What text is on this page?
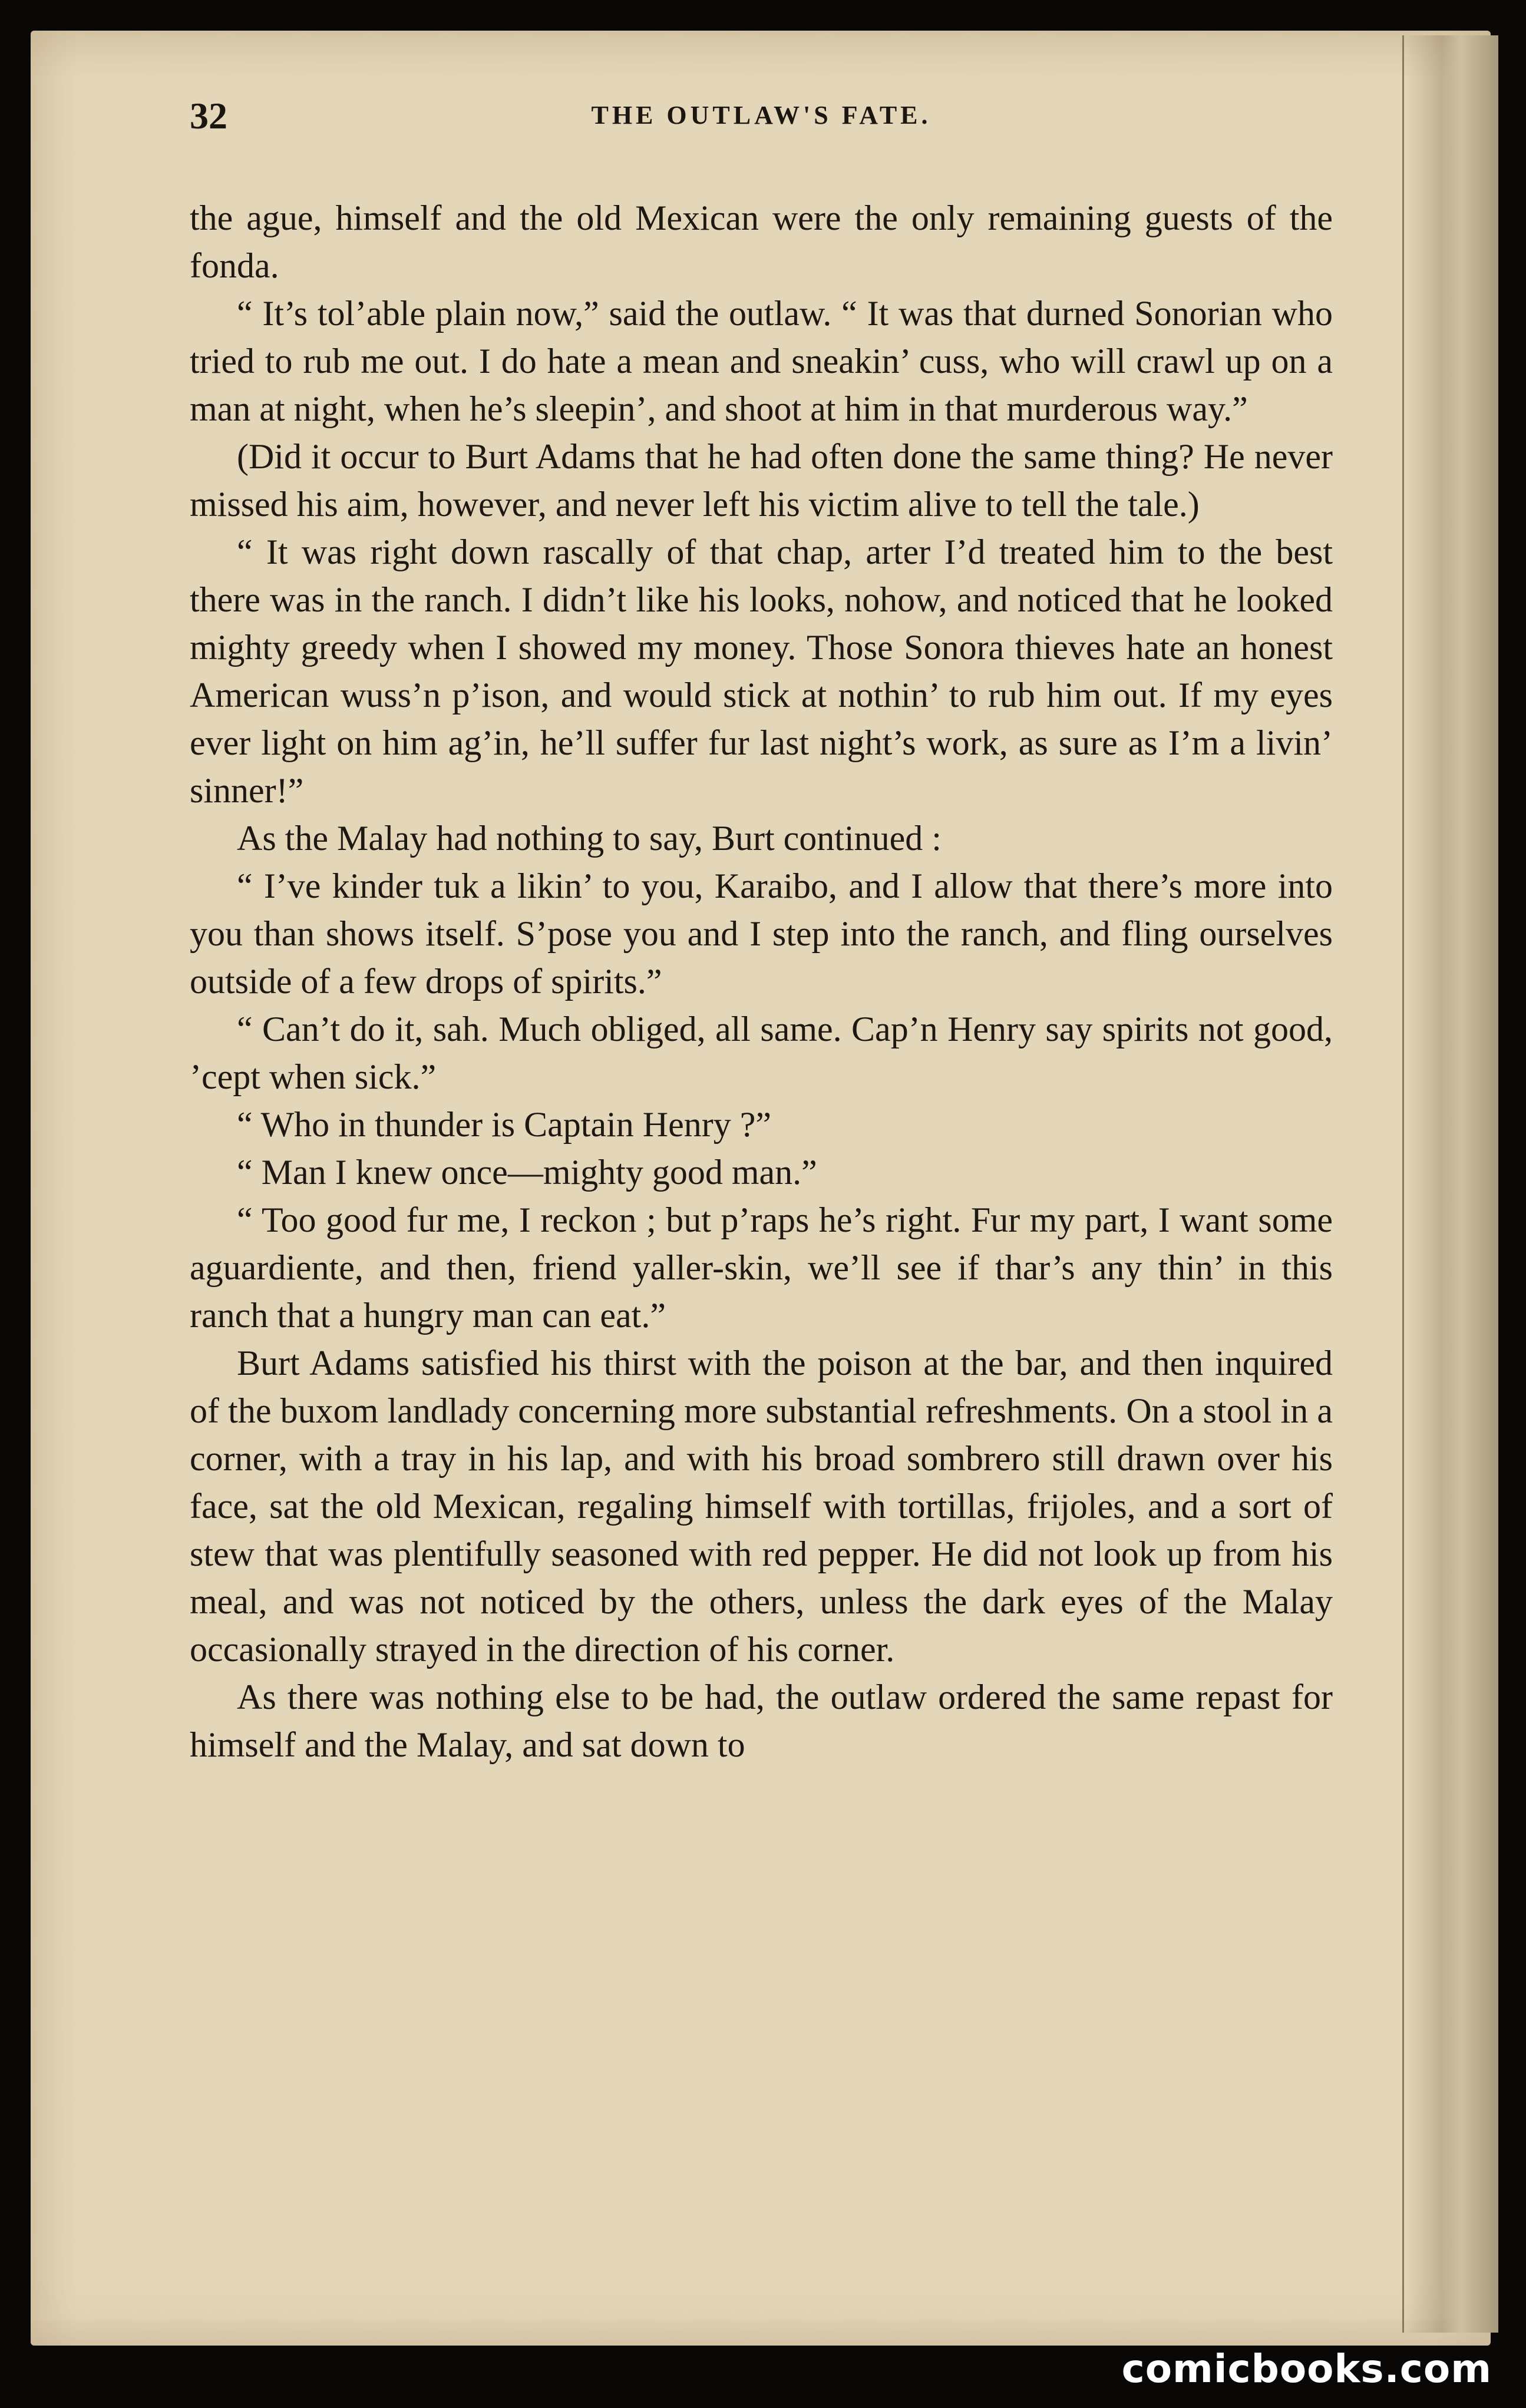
32	THE OUTLAW'S FATE.

the ague, himself and the old Mexican were the only remaining guests of the fonda.

“ It’s tol’able plain now,” said the outlaw. “ It was that durned Sonorian who tried to rub me out. I do hate a mean and sneakin’ cuss, who will crawl up on a man at night, when he’s sleepin’, and shoot at him in that murderous way.”

(Did it occur to Burt Adams that he had often done the same thing? He never missed his aim, however, and never left his victim alive to tell the tale.)

“ It was right down rascally of that chap, arter I’d treated him to the best there was in the ranch. I didn’t like his looks, nohow, and noticed that he looked mighty greedy when I showed my money. Those Sonora thieves hate an honest American wuss’n p’ison, and would stick at nothin’ to rub him out. If my eyes ever light on him ag’in, he’ll suffer fur last night’s work, as sure as I’m a livin’ sinner!”

As the Malay had nothing to say, Burt continued :

“ I’ve kinder tuk a likin’ to you, Karaibo, and I allow that there’s more into you than shows itself. S’pose you and I step into the ranch, and fling ourselves outside of a few drops of spirits.”

“ Can’t do it, sah. Much obliged, all same. Cap’n Henry say spirits not good, ’cept when sick.”

“ Who in thunder is Captain Henry ?”

“ Man I knew once—mighty good man.”

“ Too good fur me, I reckon ; but p’raps he’s right. Fur my part, I want some aguardiente, and then, friend yaller-skin, we’ll see if thar’s any thin’ in this ranch that a hungry man can eat.”

Burt Adams satisfied his thirst with the poison at the bar, and then inquired of the buxom landlady concerning more substantial refreshments. On a stool in a corner, with a tray in his lap, and with his broad sombrero still drawn over his face, sat the old Mexican, regaling himself with tortillas, frijoles, and a sort of stew that was plentifully seasoned with red pepper. He did not look up from his meal, and was not noticed by the others, unless the dark eyes of the Malay occasionally strayed in the direction of his corner.

As there was nothing else to be had, the outlaw ordered the same repast for himself and the Malay, and sat down to

comicbooks.com
